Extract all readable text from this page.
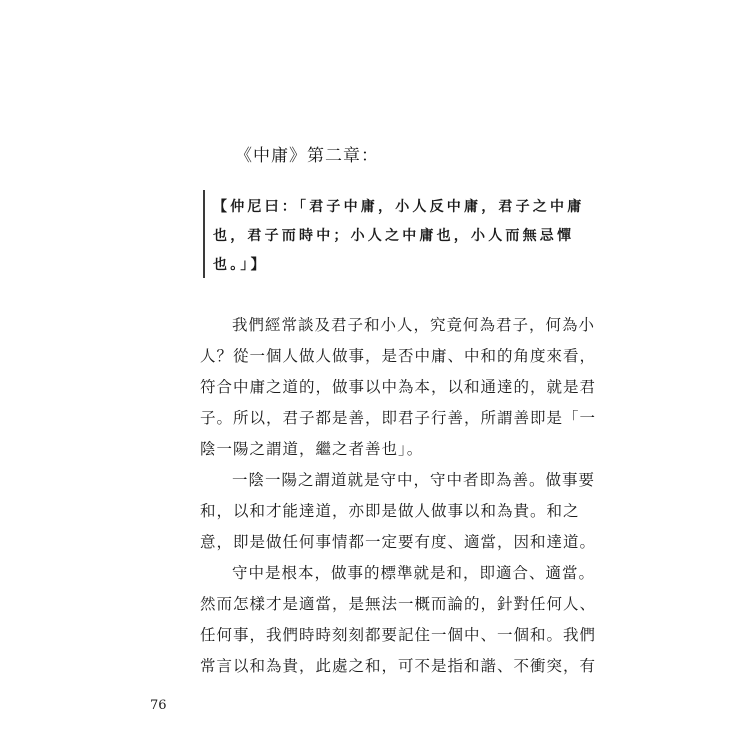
《中庸》第二章：
【仲尼曰：「君子中庸，小人反中庸，君子之中庸
也，君子而時中；小人之中庸也，小人而無忌憚
也。」】
我們經常談及君子和小人，究竟何為君子，何為小
人？從一個人做人做事，是否中庸、中和的角度來看，
符合中庸之道的，做事以中為本，以和通達的，就是君
子。所以，君子都是善，即君子行善，所謂善即是「一
陰一陽之謂道，繼之者善也」。
一陰一陽之謂道就是守中，守中者即為善。做事要
和，以和才能達道，亦即是做人做事以和為貴。和之
意，即是做任何事情都一定要有度、適當，因和達道。
守中是根本，做事的標準就是和，即適合、適當。
然而怎樣才是適當，是無法一概而論的，針對任何人、
任何事，我們時時刻刻都要記住一個中、一個和。我們
常言以和為貴，此處之和，可不是指和諧、不衝突，有
76
